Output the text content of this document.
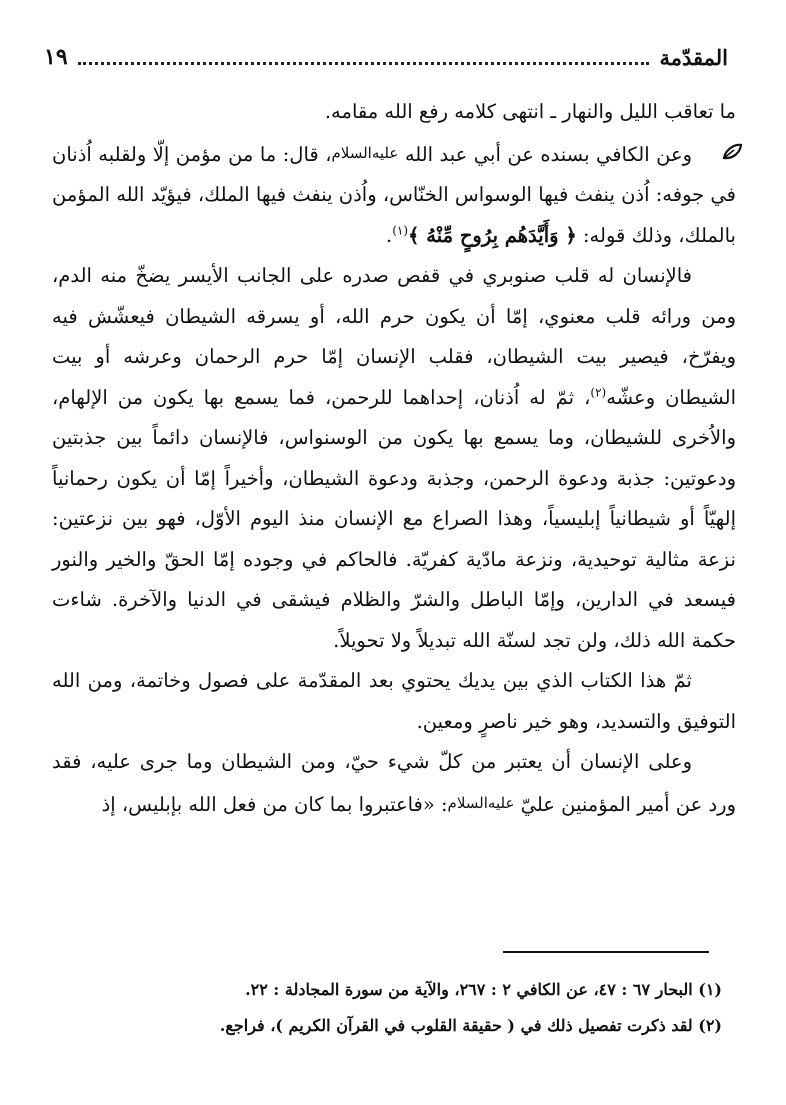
المقدّمة
١٩

ما تعاقب الليل والنهار ـ انتهى كلامه رفع الله مقامه.

وعن الكافي بسنده عن أبي عبد الله عليه‌السلام، قال: ما من مؤمن إلّا ولقلبه اُذنان في جوفه: اُذن ينفث فيها الوسواس الخنّاس، واُذن ينفث فيها الملك، فيؤيّد الله المؤمن بالملك، وذلك قوله: ﴿ وَأَيَّدَهُم بِرُوحٍ مِّنْهُ ﴾$^{(١)}$.

فالإنسان له قلب صنوبري في قفص صدره على الجانب الأيسر يضخّ منه الدم، ومن ورائه قلب معنوي، إمّا أن يكون حرم الله، أو يسرقه الشيطان فيعشّش فيه ويفرّخ، فيصير بيت الشيطان، فقلب الإنسان إمّا حرم الرحمان وعرشه أو بيت الشيطان وعشّه$^{(٢)}$، ثمّ له اُذنان، إحداهما للرحمن، فما يسمع بها يكون من الإلهام، والاُخرى للشيطان، وما يسمع بها يكون من الوسنواس، فالإنسان دائماً بين جذبتين ودعوتين: جذبة ودعوة الرحمن، وجذبة ودعوة الشيطان، وأخيراً إمّا أن يكون رحمانياً إلهيّاً أو شيطانياً إبليسياً، وهذا الصراع مع الإنسان منذ اليوم الأوّل، فهو بين نزعتين: نزعة مثالية توحيدية، ونزعة مادّية كفريّة. فالحاكم في وجوده إمّا الحقّ والخير والنور فيسعد في الدارين، وإمّا الباطل والشرّ والظلام فيشقى في الدنيا والآخرة. شاءت حكمة الله ذلك، ولن تجد لسنّة الله تبديلاً ولا تحويلاً.

ثمّ هذا الكتاب الذي بين يديك يحتوي بعد المقدّمة على فصول وخاتمة، ومن الله التوفيق والتسديد، وهو خير ناصرٍ ومعين.

وعلى الإنسان أن يعتبر من كلّ شيء حيّ، ومن الشيطان وما جرى عليه، فقد ورد عن أمير المؤمنين عليّ عليه‌السلام: «فاعتبروا بما كان من فعل الله بإبليس، إذ

(١) البحار ٦٧ : ٤٧، عن الكافي ٢ : ٢٦٧، والآية من سورة المجادلة : ٢٢.

(٢) لقد ذكرت تفصيل ذلك في ( حقيقة القلوب في القرآن الكريم )، فراجع.
